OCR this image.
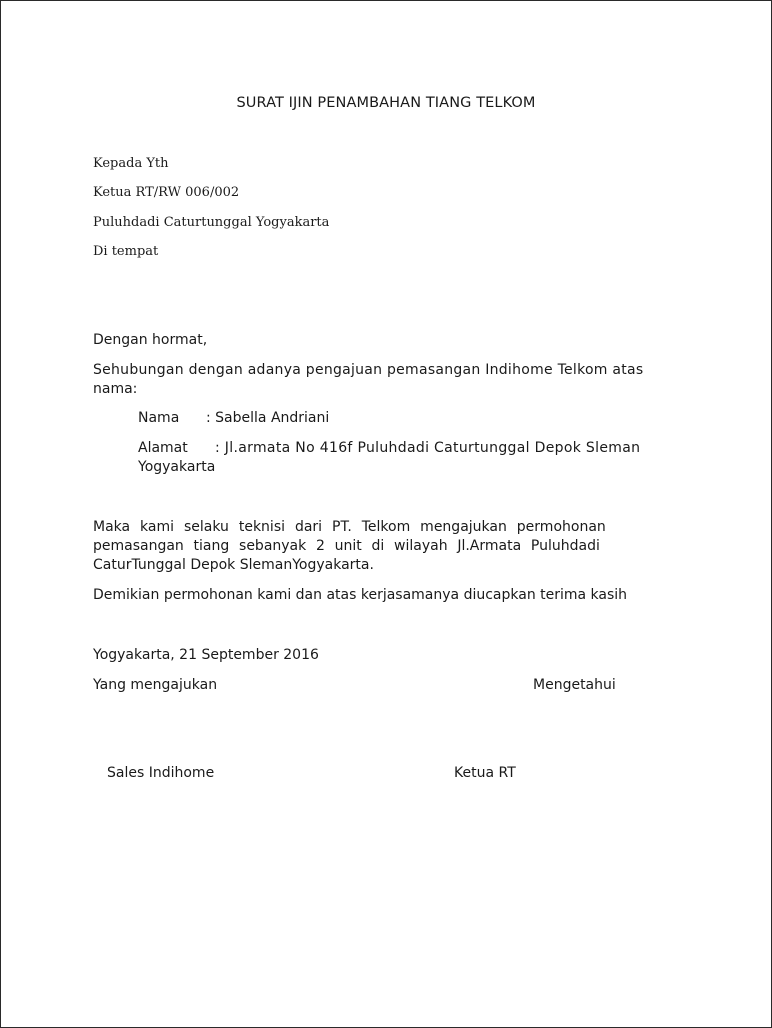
SURAT IJIN PENAMBAHAN TIANG TELKOM
Kepada Yth
Ketua RT/RW 006/002
Puluhdadi Caturtunggal Yogyakarta
Di tempat
Dengan hormat,
Sehubungan dengan adanya pengajuan pemasangan Indihome Telkom atas
nama:
Nama : Sabella Andriani
Alamat : Jl.armata No 416f Puluhdadi Caturtunggal Depok Sleman
Yogyakarta
Maka kami selaku teknisi dari PT. Telkom mengajukan permohonan
pemasangan tiang sebanyak 2 unit di wilayah Jl.Armata Puluhdadi
CaturTunggal Depok SlemanYogyakarta.
Demikian permohonan kami dan atas kerjasamanya diucapkan terima kasih
Yogyakarta, 21 September 2016
Yang mengajukan	Mengetahui
Sales Indihome	Ketua RT
